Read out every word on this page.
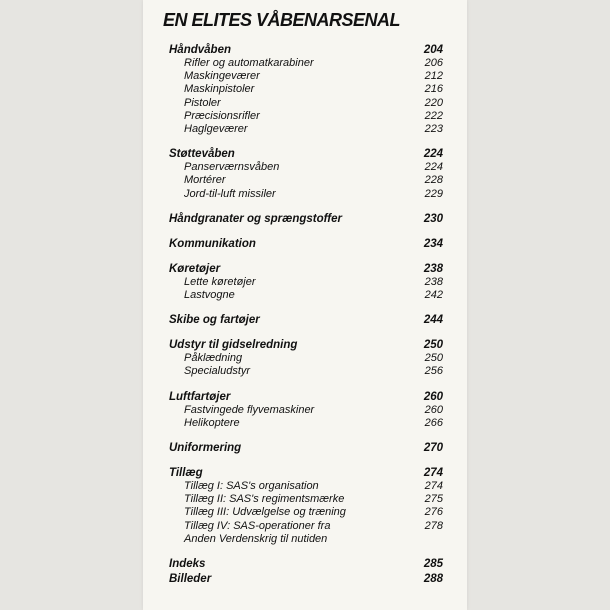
EN ELITES VÅBENARSENAL
Håndvåben	204
Rifler og automatkarabiner	206
Maskingeværer	212
Maskinpistoler	216
Pistoler	220
Præcisionsrifler	222
Haglgeværer	223
Støttevåben	224
Panserværnsvåben	224
Mortérer	228
Jord-til-luft missiler	229
Håndgranater og sprængstoffer	230
Kommunikation	234
Køretøjer	238
Lette køretøjer	238
Lastvogne	242
Skibe og fartøjer	244
Udstyr til gidselredning	250
Påklædning	250
Specialudstyr	256
Luftfartøjer	260
Fastvingede flyvemaskiner	260
Helikoptere	266
Uniformering	270
Tillæg	274
Tillæg I: SAS's organisation	274
Tillæg II: SAS's regimentsmærke	275
Tillæg III: Udvælgelse og træning	276
Tillæg IV: SAS-operationer fra	278
Anden Verdenskrig til nutiden
Indeks	285
Billeder	288
